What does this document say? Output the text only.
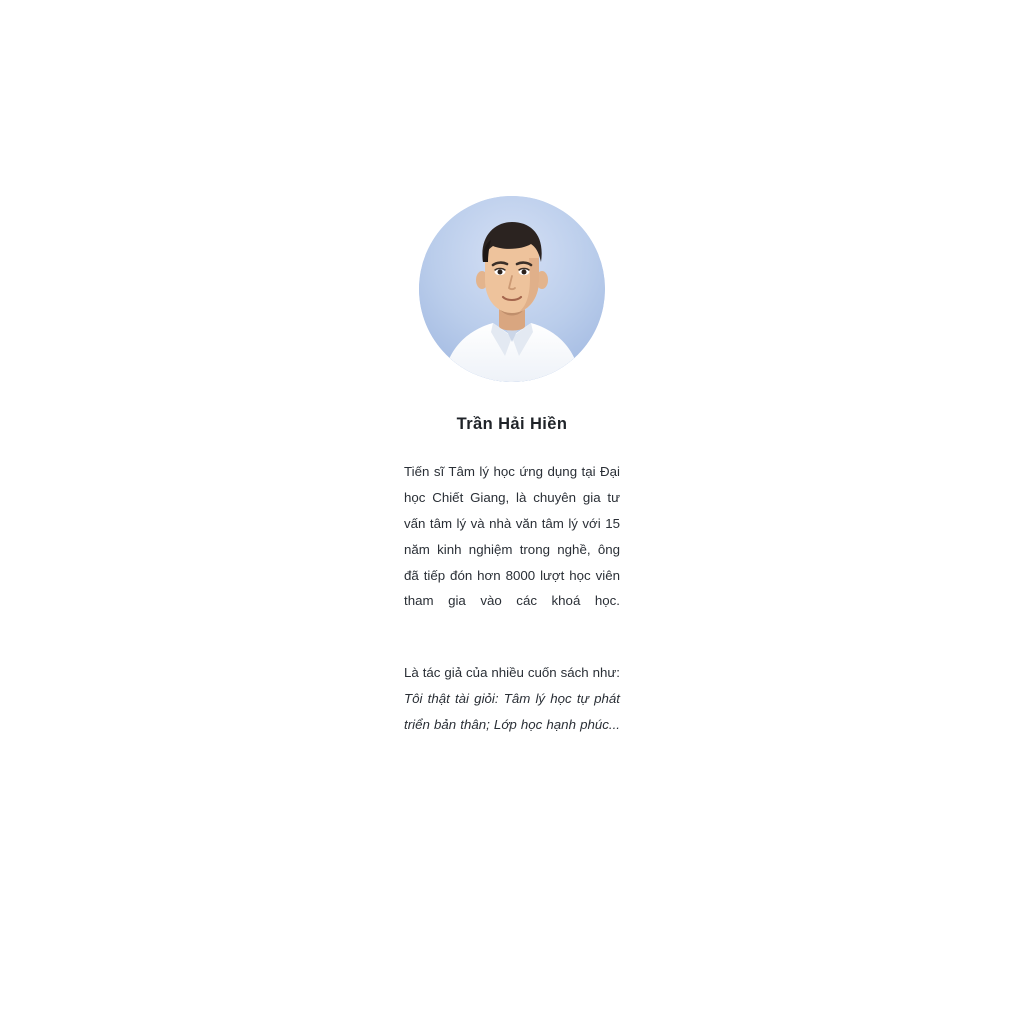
Trần Hải Hiền

Tiến sĩ Tâm lý học ứng dụng tại Đại học Chiết Giang, là chuyên gia tư vấn tâm lý và nhà văn tâm lý với 15 năm kinh nghiệm trong nghề, ông đã tiếp đón hơn 8000 lượt học viên tham gia vào các khoá học.

Là tác giả của nhiều cuốn sách như: Tôi thật tài giỏi: Tâm lý học tự phát triển bản thân; Lớp học hạnh phúc...
